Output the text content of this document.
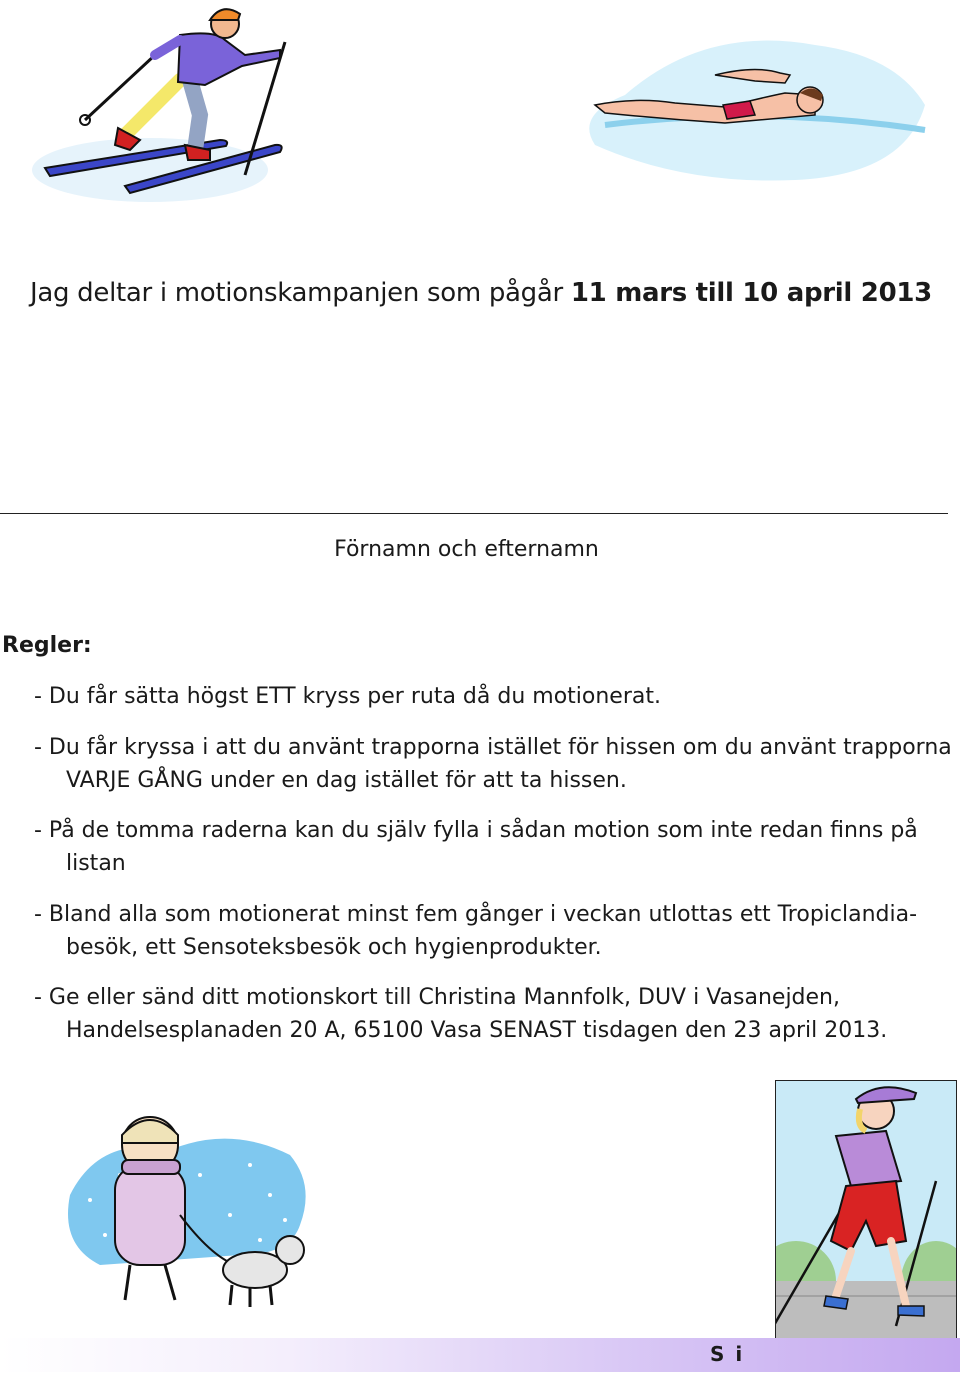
Jag deltar i motionskampanjen som pågår 11 mars till 10 april 2013
Förnamn och efternamn
Regler:
- Du får sätta högst ETT kryss per ruta då du motionerat.
- Du får kryssa i att du använt trapporna istället för hissen om du använt trapporna VARJE GÅNG under en dag istället för att ta hissen.
- På de tomma raderna kan du själv fylla i sådan motion som inte redan finns på listan
- Bland alla som motionerat minst fem gånger i veckan utlottas ett Tropiclandia-besök, ett Sensoteksbesök och hygienprodukter.
- Ge eller sänd ditt motionskort till Christina Mannfolk, DUV i Vasanejden, Handelsesplanaden 20 A, 65100 Vasa SENAST tisdagen den 23 april 2013.
S i
